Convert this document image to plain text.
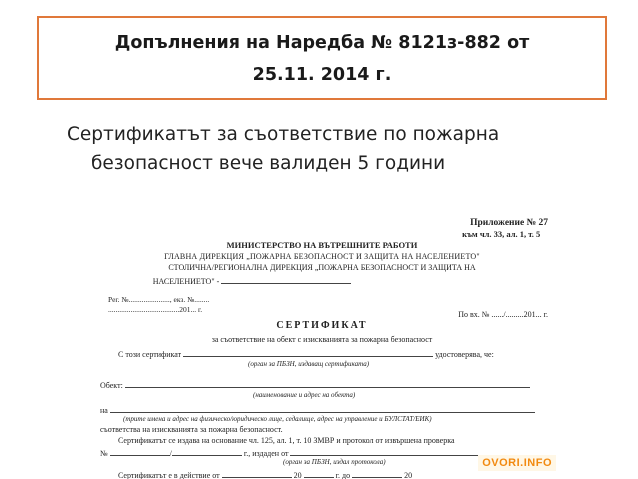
Допълнения на Наредба № 8121з-882 от
25.11. 2014 г.
Сертификатът за съответствие по пожарна
безопасност вече валиден 5 години
Приложение № 27
към чл. 33, ал. 1, т. 5
МИНИСТЕРСТВО НА ВЪТРЕШНИТЕ РАБОТИ
ГЛАВНА ДИРЕКЦИЯ „ПОЖАРНА БЕЗОПАСНОСТ И ЗАЩИТА НА НАСЕЛЕНИЕТО"
СТОЛИЧНА/РЕГИОНАЛНА ДИРЕКЦИЯ „ПОЖАРНА БЕЗОПАСНОСТ И ЗАЩИТА НА
НАСЕЛЕНИЕТО" -
Рег. №......................, екз. №........
......................................201... г.
По вх. № ....../.........201... г.
СЕРТИФИКАТ
за съответствие на обект с изискванията за пожарна безопасност
С този сертификат	удостоверява, че:
(орган за ПБЗН, издаващ сертификата)
Обект:
(наименование и адрес на обекта)
на
(трите имена и адрес на физическо/юридическо лице, седалище, адрес на управление и БУЛСТАТ/ЕИК)
съответства на изискванията за пожарна безопасност.
Сертификатът се издава на основание чл. 125, ал. 1, т. 10 ЗМВР и протокол от извършена проверка
№	/	г., издаден от
(орган за ПБЗН, издал протокола)
Сертификатът е в действие от	20	г. до	20
OVORI.INFO
